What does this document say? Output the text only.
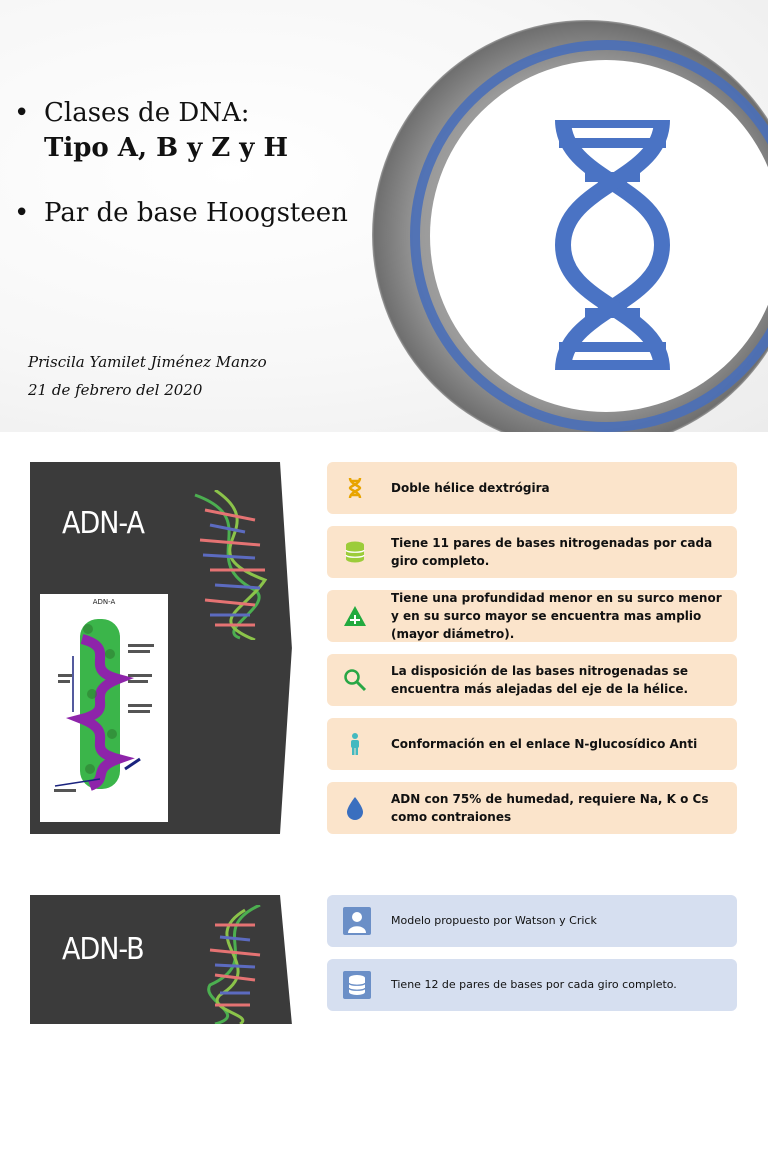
• Clases de DNA:
Tipo A, B y Z y H
• Par de base Hoogsteen
Priscila Yamilet Jiménez Manzo
21 de febrero del 2020
ADN-A
ADN-A
Doble hélice dextrógira
Tiene 11 pares de bases nitrogenadas por cada giro completo.
Tiene una profundidad menor en su surco menor y en su surco mayor se encuentra mas amplio (mayor diámetro).
La disposición de las bases nitrogenadas se encuentra más alejadas del eje de la hélice.
Conformación en el enlace N-glucosídico Anti
ADN con 75% de humedad, requiere Na, K o Cs como contraiones
ADN-B
Modelo propuesto por Watson y Crick
Tiene 12 de pares de bases por cada giro completo.
